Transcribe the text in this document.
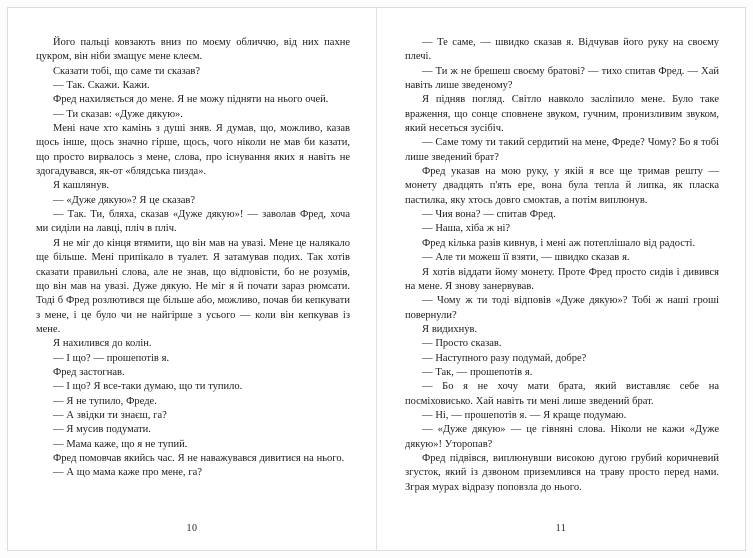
Його пальці ковзають вниз по моєму обличчю, від них пахне цукром, він ніби змащує мене клеєм.

Сказати тобі, що саме ти сказав?

— Так. Скажи. Кажи.

Фред нахиляється до мене. Я не можу підняти на нього очей.

— Ти сказав: «Дуже дякую».

Мені наче хто камінь з душі зняв. Я думав, що, можливо, казав щось інше, щось значно гірше, щось, чого ніколи не мав би казати, що просто вирвалось з мене, слова, про існування яких я навіть не здогадувався, як-от «блядська пизда».

Я кашлянув.

— «Дуже дякую»? Я це сказав?

— Так. Ти, бляха, сказав «Дуже дякую»! — заволав Фред, хоча ми сиділи на лавці, пліч в пліч.

Я не міг до кінця втямити, що він мав на увазі. Мене це налякало ще більше. Мені припікало в туалет. Я затамував подих. Так хотів сказати правильні слова, але не знав, що відповісти, бо не розумів, що він мав на увазі. Дуже дякую. Не міг я й почати зараз рюмсати. Тоді б Фред розлютився ще більше або, можливо, почав би кепкувати з мене, і це було чи не найгірше з усього — коли він кепкував із мене.

Я нахилився до колін.

— І що? — прошепотів я.

Фред застогнав.

— І що? Я все-таки думаю, що ти тупило.

— Я не тупило, Фреде.

— А звідки ти знаєш, га?

— Я мусив подумати.

— Мама каже, що я не тупий.

Фред помовчав якийсь час. Я не наважувався дивитися на нього.

— А що мама каже про мене, га?

10

— Те саме, — швидко сказав я. Відчував його руку на своєму плечі.

— Ти ж не брешеш своєму братові? — тихо спитав Фред. — Хай навіть лише зведеному?

Я підняв погляд. Світло навколо засліпило мене. Було таке враження, що сонце сповнене звуком, гучним, пронизливим звуком, який несеться зусібіч.

— Саме тому ти такий сердитий на мене, Фреде? Чому? Бо я тобі лише зведений брат?

Фред указав на мою руку, у якій я все ще тримав решту — монету двадцять п'ять ере, вона була тепла й липка, як пласка пастилка, яку хтось довго смоктав, а потім виплюнув.

— Чия вона? — спитав Фред.

— Наша, хіба ж ні?

Фред кілька разів кивнув, і мені аж потеплішало від радості.

— Але ти можеш її взяти, — швидко сказав я.

Я хотів віддати йому монету. Проте Фред просто сидів і дивився на мене. Я знову занервував.

— Чому ж ти тоді відповів «Дуже дякую»? Тобі ж наші гроші повернули?

Я видихнув.

— Просто сказав.

— Наступного разу подумай, добре?

— Так, — прошепотів я.

— Бо я не хочу мати брата, який виставляє себе на посміховисько. Хай навіть ти мені лише зведений брат.

— Ні, — прошепотів я. — Я краще подумаю.

— «Дуже дякую» — це гівняні слова. Ніколи не кажи «Дуже дякую»! Уторопав?

Фред підвівся, виплюнувши високою дугою грубий коричневий згусток, який із дзвоном приземлився на траву просто перед нами. Зграя мурах відразу поповзла до нього.

11
